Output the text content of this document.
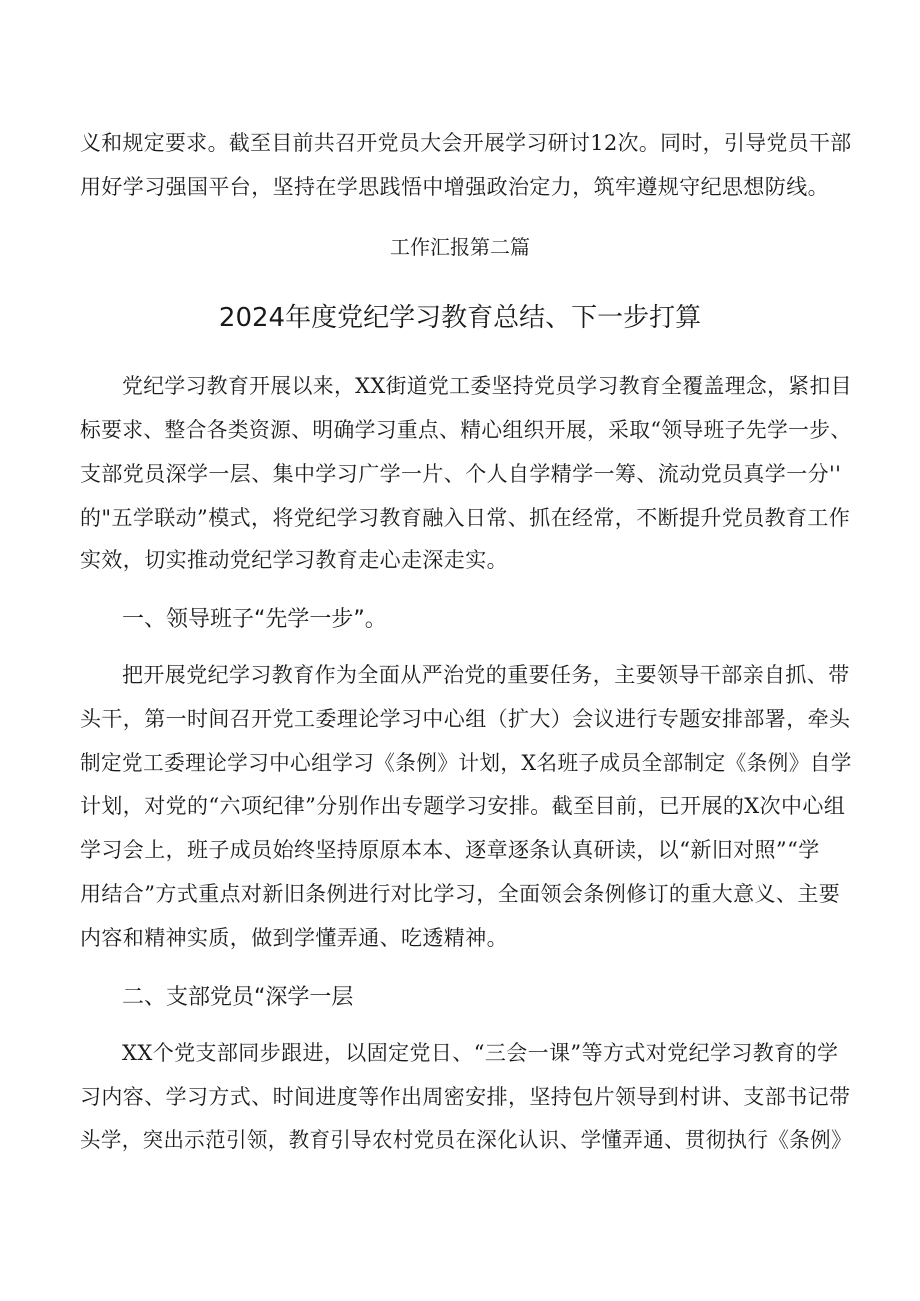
义和规定要求。截至目前共召开党员大会开展学习研讨12次。同时，引导党员干部
用好学习强国平台，坚持在学思践悟中增强政治定力，筑牢遵规守纪思想防线。
工作汇报第二篇
2024年度党纪学习教育总结、下一步打算
党纪学习教育开展以来，XX街道党工委坚持党员学习教育全覆盖理念，紧扣目
标要求、整合各类资源、明确学习重点、精心组织开展，采取“领导班子先学一步、
支部党员深学一层、集中学习广学一片、个人自学精学一筹、流动党员真学一分''
的"五学联动”模式，将党纪学习教育融入日常、抓在经常，不断提升党员教育工作
实效，切实推动党纪学习教育走心走深走实。
一、领导班子“先学一步”。
把开展党纪学习教育作为全面从严治党的重要任务，主要领导干部亲自抓、带
头干，第一时间召开党工委理论学习中心组（扩大）会议进行专题安排部署，牵头
制定党工委理论学习中心组学习《条例》计划，X名班子成员全部制定《条例》自学
计划，对党的“六项纪律”分别作出专题学习安排。截至目前，已开展的X次中心组
学习会上，班子成员始终坚持原原本本、逐章逐条认真研读，以“新旧对照”“学
用结合”方式重点对新旧条例进行对比学习，全面领会条例修订的重大意义、主要
内容和精神实质，做到学懂弄通、吃透精神。
二、支部党员“深学一层
XX个党支部同步跟进，以固定党日、“三会一课”等方式对党纪学习教育的学
习内容、学习方式、时间进度等作出周密安排，坚持包片领导到村讲、支部书记带
头学，突出示范引领，教育引导农村党员在深化认识、学懂弄通、贯彻执行《条例》
